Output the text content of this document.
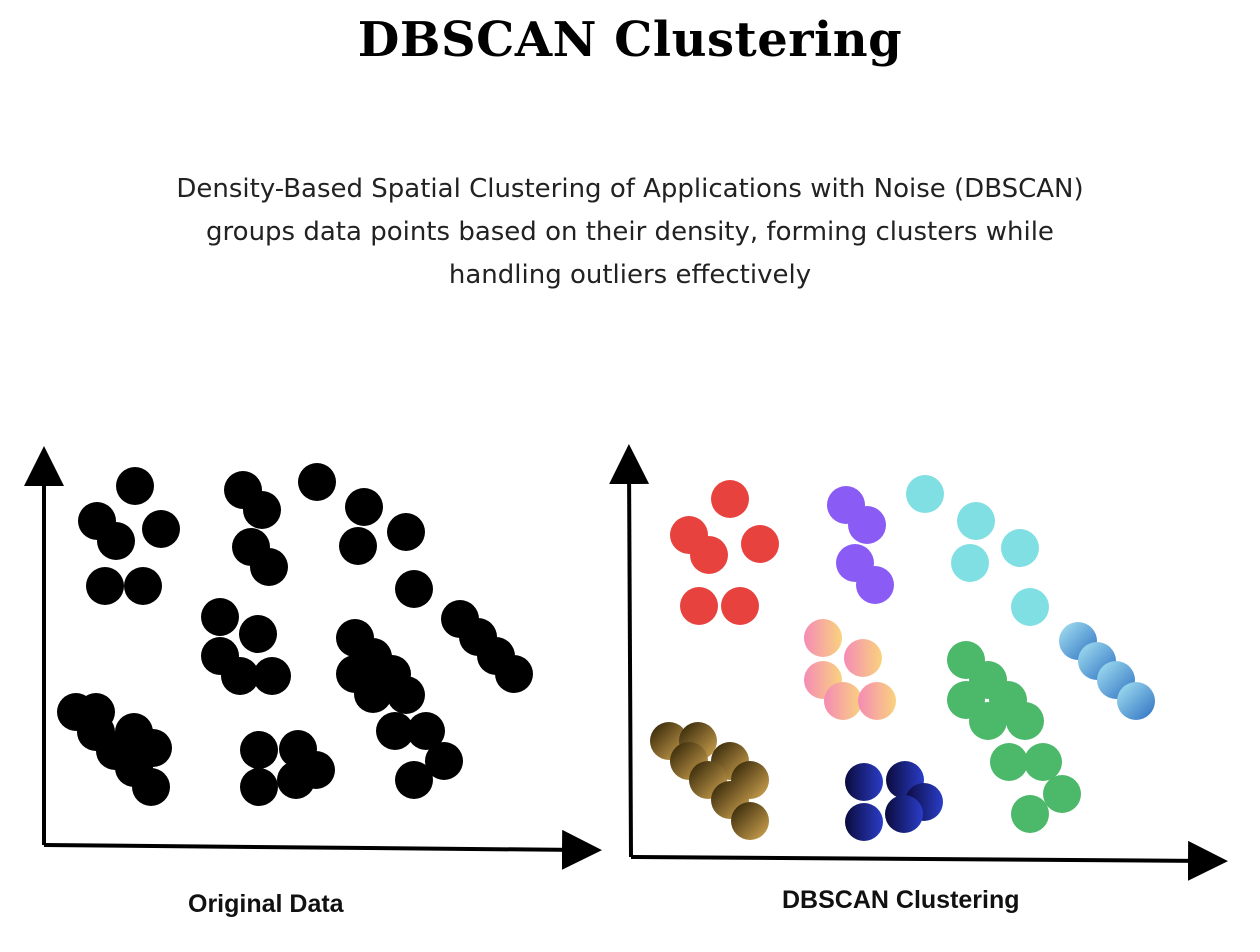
DBSCAN Clustering
Density-Based Spatial Clustering of Applications with Noise (DBSCAN)
groups data points based on their density, forming clusters while
handling outliers effectively
Original Data	DBSCAN Clustering
